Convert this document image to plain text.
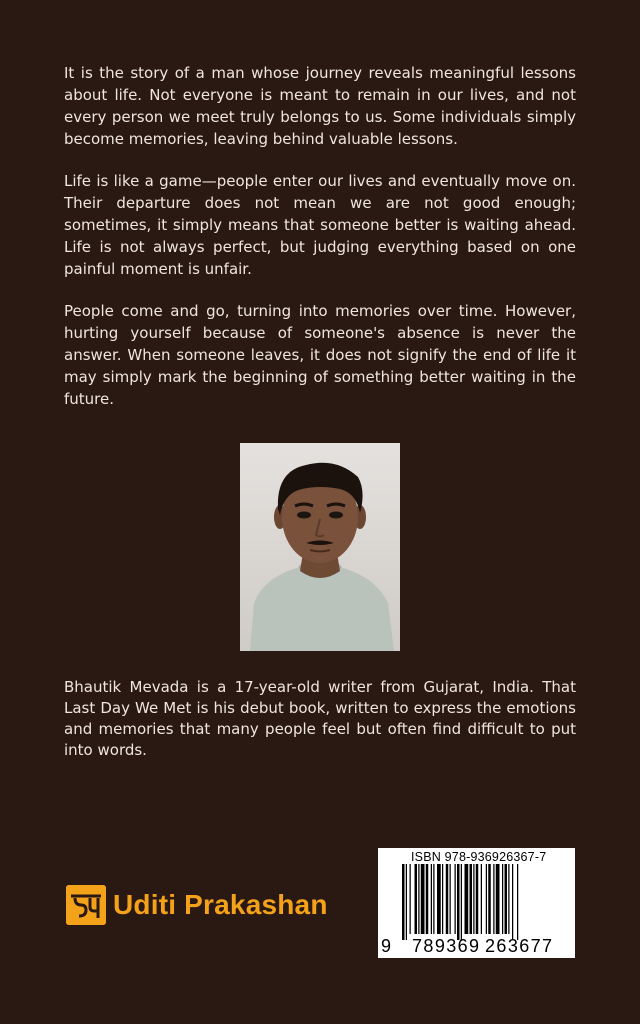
It is the story of a man whose journey reveals meaningful lessons about life. Not everyone is meant to remain in our lives, and not every person we meet truly belongs to us. Some individuals simply become memories, leaving behind valuable lessons.

Life is like a game—people enter our lives and eventually move on. Their departure does not mean we are not good enough; sometimes, it simply means that someone better is waiting ahead. Life is not always perfect, but judging everything based on one painful moment is unfair.

People come and go, turning into memories over time. However, hurting yourself because of someone's absence is never the answer. When someone leaves, it does not signify the end of life it may simply mark the beginning of something better waiting in the future.

Bhautik Mevada is a 17-year-old writer from Gujarat, India. That Last Day We Met is his debut book, written to express the emotions and memories that many people feel but often find difficult to put into words.

Uditi Prakashan
ISBN 978-936926367-7
9 789369 263677
